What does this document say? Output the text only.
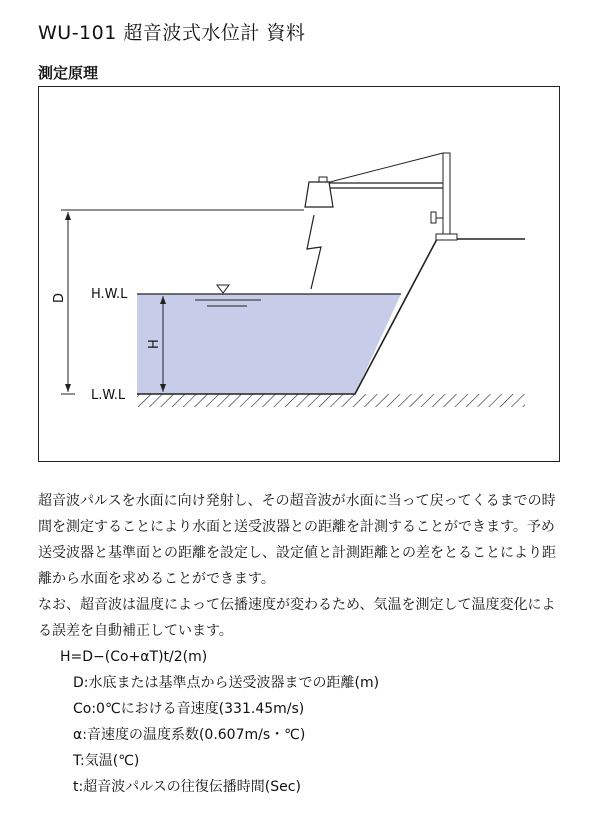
WU-101 超音波式水位計 資料
測定原理
H.W.L
L.W.L
D
H

超音波パルスを水面に向け発射し、その超音波が水面に当って戻ってくるまでの時間を測定することにより水面と送受波器との距離を計測することができます。予め送受波器と基準面との距離を設定し、設定値と計測距離との差をとることにより距離から水面を求めることができます。

なお、超音波は温度によって伝播速度が変わるため、気温を測定して温度変化による誤差を自動補正しています。

H=D−(Co+αT)t/2(m)

D:水底または基準点から送受波器までの距離(m)

Co:0℃における音速度(331.45m/s)

α:音速度の温度系数(0.607m/s・℃)

T:気温(℃)

t:超音波パルスの往復伝播時間(Sec)
